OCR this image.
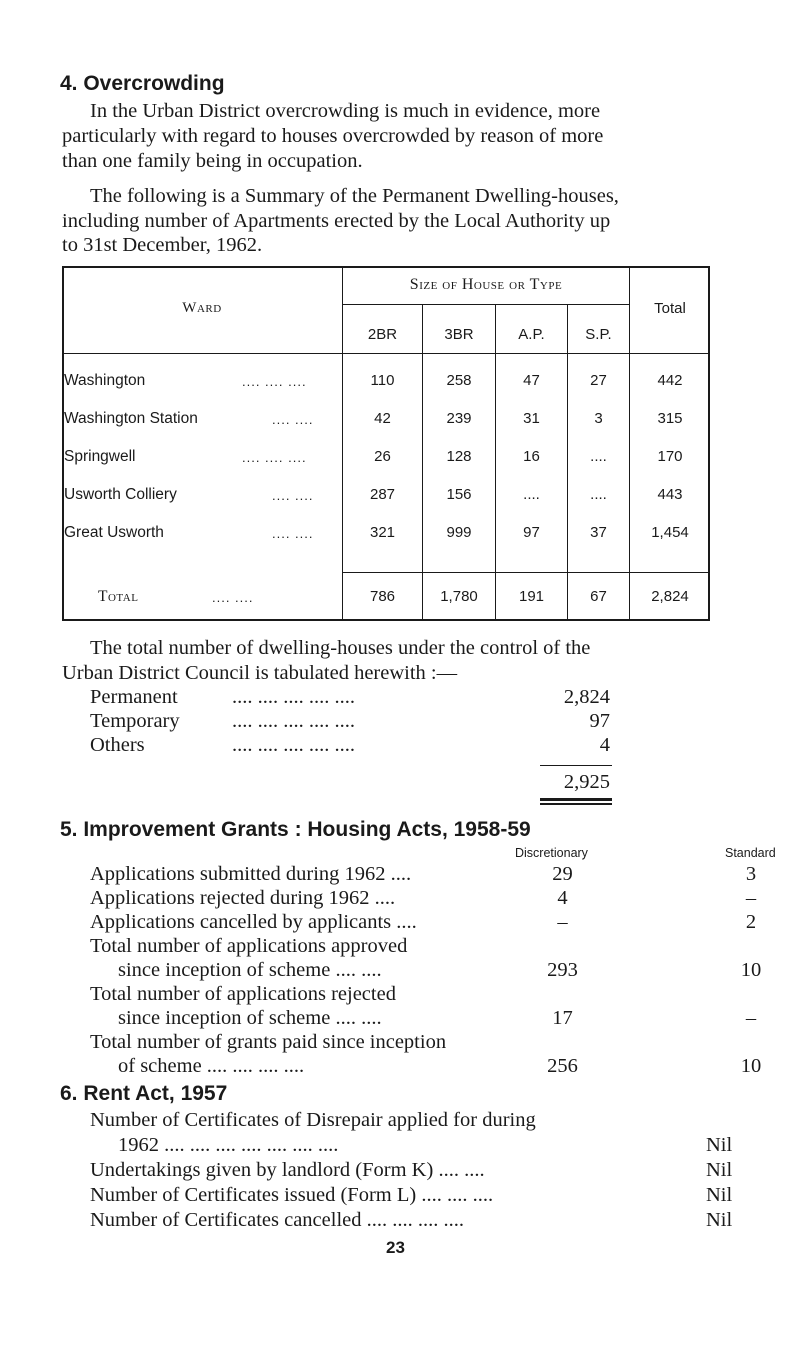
4. Overcrowding
In the Urban District overcrowding is much in evidence, more
particularly with regard to houses overcrowded by reason of more
than one family being in occupation.
The following is a Summary of the Permanent Dwelling-houses,
including number of Apartments erected by the Local Authority up
to 31st December, 1962.
Ward
Size of House or Type
Total
2BR	3BR	A.P.	S.P.
Washington	.... .... ....	110	258	47	27	442
Washington Station	.... ....	42	239	31	3	315
Springwell	.... .... ....	26	128	16	....	170
Usworth Colliery	.... ....	287	156	....	....	443
Great Usworth	.... ....	321	999	97	37	1,454
Total	.... ....	786	1,780	191	67	2,824
The total number of dwelling-houses under the control of the
Urban District Council is tabulated herewith :—
Permanent	.... .... .... .... ....	2,824
Temporary	.... .... .... .... ....	97
Others	.... .... .... .... ....	4
2,925
5. Improvement Grants : Housing Acts, 1958-59
Discretionary	Standard
Applications submitted during 1962 ....	29	3
Applications rejected during 1962 ....	4	–
Applications cancelled by applicants ....	–	2
Total number of applications approved
since inception of scheme .... ....	293	10
Total number of applications rejected
since inception of scheme .... ....	17	–
Total number of grants paid since inception
of scheme .... .... .... ....	256	10
6. Rent Act, 1957
Number of Certificates of Disrepair applied for during
1962 .... .... .... .... .... .... ....	Nil
Undertakings given by landlord (Form K) .... ....	Nil
Number of Certificates issued (Form L) .... .... ....	Nil
Number of Certificates cancelled .... .... .... ....	Nil
23
